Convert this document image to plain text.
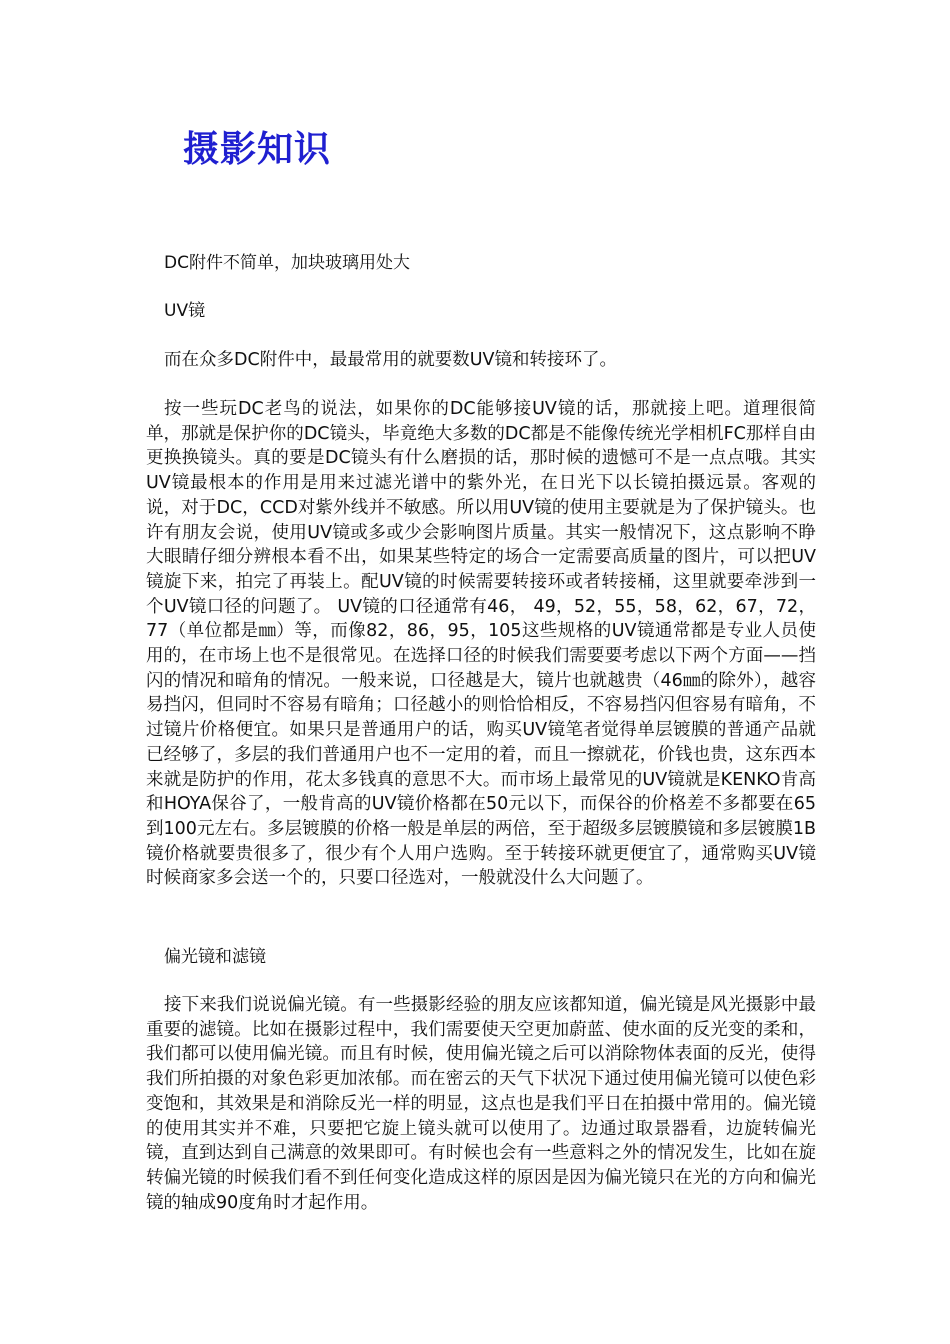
摄影知识

DC附件不简单，加块玻璃用处大

UV镜

而在众多DC附件中，最最常用的就要数UV镜和转接环了。

按一些玩DC老鸟的说法，如果你的DC能够接UV镜的话，那就接上吧。道理很简单，那就是保护你的DC镜头，毕竟绝大多数的DC都是不能像传统光学相机FC那样自由更换换镜头。真的要是DC镜头有什么磨损的话，那时候的遗憾可不是一点点哦。其实UV镜最根本的作用是用来过滤光谱中的紫外光，在日光下以长镜拍摄远景。客观的说，对于DC，CCD对紫外线并不敏感。所以用UV镜的使用主要就是为了保护镜头。也许有朋友会说，使用UV镜或多或少会影响图片质量。其实一般情况下，这点影响不睁大眼睛仔细分辨根本看不出，如果某些特定的场合一定需要高质量的图片，可以把UV镜旋下来，拍完了再装上。配UV镜的时候需要转接环或者转接桶，这里就要牵涉到一个UV镜口径的问题了。 UV镜的口径通常有46， 49，52，55，58，62，67，72，77（单位都是㎜）等，而像82，86，95，105这些规格的UV镜通常都是专业人员使用的，在市场上也不是很常见。在选择口径的时候我们需要要考虑以下两个方面——挡闪的情况和暗角的情况。一般来说，口径越是大，镜片也就越贵（46㎜的除外），越容易挡闪，但同时不容易有暗角；口径越小的则恰恰相反，不容易挡闪但容易有暗角，不过镜片价格便宜。如果只是普通用户的话，购买UV镜笔者觉得单层镀膜的普通产品就已经够了，多层的我们普通用户也不一定用的着，而且一擦就花，价钱也贵，这东西本来就是防护的作用，花太多钱真的意思不大。而市场上最常见的UV镜就是KENKO肯高和HOYA保谷了，一般肯高的UV镜价格都在50元以下，而保谷的价格差不多都要在65到100元左右。多层镀膜的价格一般是单层的两倍，至于超级多层镀膜镜和多层镀膜1B镜价格就要贵很多了，很少有个人用户选购。至于转接环就更便宜了，通常购买UV镜时候商家多会送一个的，只要口径选对，一般就没什么大问题了。

偏光镜和滤镜

接下来我们说说偏光镜。有一些摄影经验的朋友应该都知道，偏光镜是风光摄影中最重要的滤镜。比如在摄影过程中，我们需要使天空更加蔚蓝、使水面的反光变的柔和，我们都可以使用偏光镜。而且有时候，使用偏光镜之后可以消除物体表面的反光，使得我们所拍摄的对象色彩更加浓郁。而在密云的天气下状况下通过使用偏光镜可以使色彩变饱和，其效果是和消除反光一样的明显，这点也是我们平日在拍摄中常用的。偏光镜的使用其实并不难，只要把它旋上镜头就可以使用了。边通过取景器看，边旋转偏光镜，直到达到自己满意的效果即可。有时候也会有一些意料之外的情况发生，比如在旋转偏光镜的时候我们看不到任何变化造成这样的原因是因为偏光镜只在光的方向和偏光镜的轴成90度角时才起作用。
